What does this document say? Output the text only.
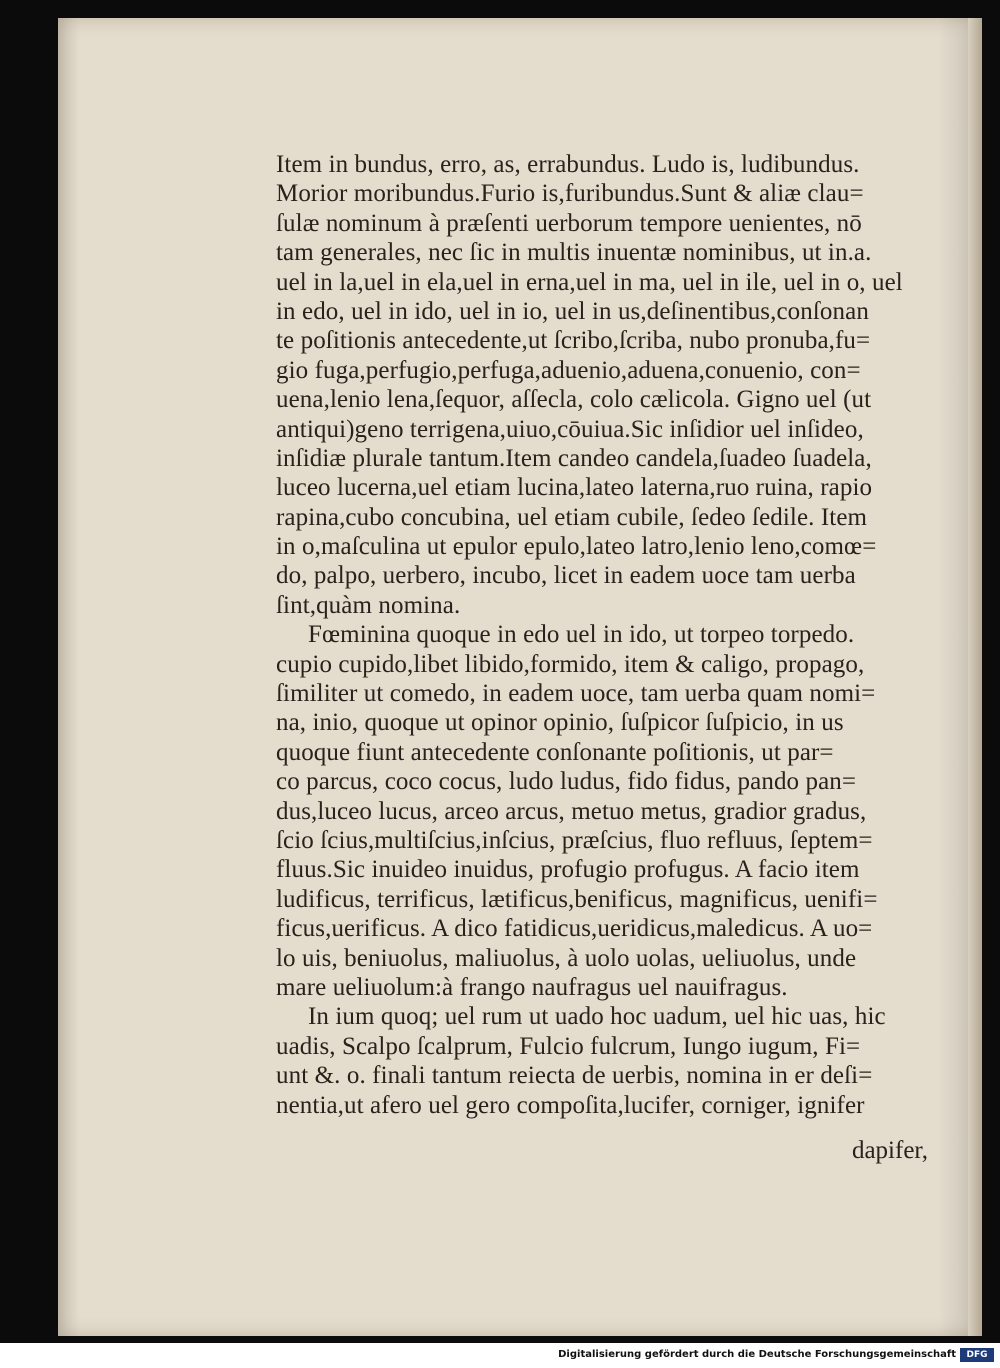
Item in bundus, erro, as, errabundus. Ludo is, ludibundus.
Morior moribundus.Furio is,furibundus.Sunt & aliæ clau=
ſulæ nominum à præſenti uerborum tempore uenientes, nō
tam generales, nec ſic in multis inuentæ nominibus, ut in.a.
uel in la,uel in ela,uel in erna,uel in ma, uel in ile, uel in o, uel
in edo, uel in ido, uel in io, uel in us,deſinentibus,conſonan
te poſitionis antecedente,ut ſcribo,ſcriba, nubo pronuba,fu=
gio fuga,perfugio,perfuga,aduenio,aduena,conuenio, con=
uena,lenio lena,ſequor, aſſecla, colo cælicola. Gigno uel (ut
antiqui)geno terrigena,uiuo,cōuiua.Sic inſidior uel inſideo,
inſidiæ plurale tantum.Item candeo candela,ſuadeo ſuadela,
luceo lucerna,uel etiam lucina,lateo laterna,ruo ruina, rapio
rapina,cubo concubina, uel etiam cubile, ſedeo ſedile. Item
in o,maſculina ut epulor epulo,lateo latro,lenio leno,comœ=
do, palpo, uerbero, incubo, licet in eadem uoce tam uerba
ſint,quàm nomina.
Fœminina quoque in edo uel in ido, ut torpeo torpedo.
cupio cupido,libet libido,formido, item & caligo, propago,
ſimiliter ut comedo, in eadem uoce, tam uerba quam nomi=
na, inio, quoque ut opinor opinio, ſuſpicor ſuſpicio, in us
quoque fiunt antecedente conſonante poſitionis, ut par=
co parcus, coco cocus, ludo ludus, fido fidus, pando pan=
dus,luceo lucus, arceo arcus, metuo metus, gradior gradus,
ſcio ſcius,multiſcius,inſcius, præſcius, fluo refluus, ſeptem=
fluus.Sic inuideo inuidus, profugio profugus. A facio item
ludificus, terrificus, lætificus,benificus, magnificus, uenifi=
ficus,uerificus. A dico fatidicus,ueridicus,maledicus. A uo=
lo uis, beniuolus, maliuolus, à uolo uolas, ueliuolus, unde
mare ueliuolum:à frango naufragus uel nauifragus.
In ium quoq; uel rum ut uado hoc uadum, uel hic uas, hic
uadis, Scalpo ſcalprum, Fulcio fulcrum, Iungo iugum, Fi=
unt &. o. finali tantum reiecta de uerbis, nomina in er deſi=
nentia,ut afero uel gero compoſita,lucifer, corniger, ignifer
dapifer,
Digitalisierung gefördert durch die Deutsche Forschungsgemeinschaft	DFG
